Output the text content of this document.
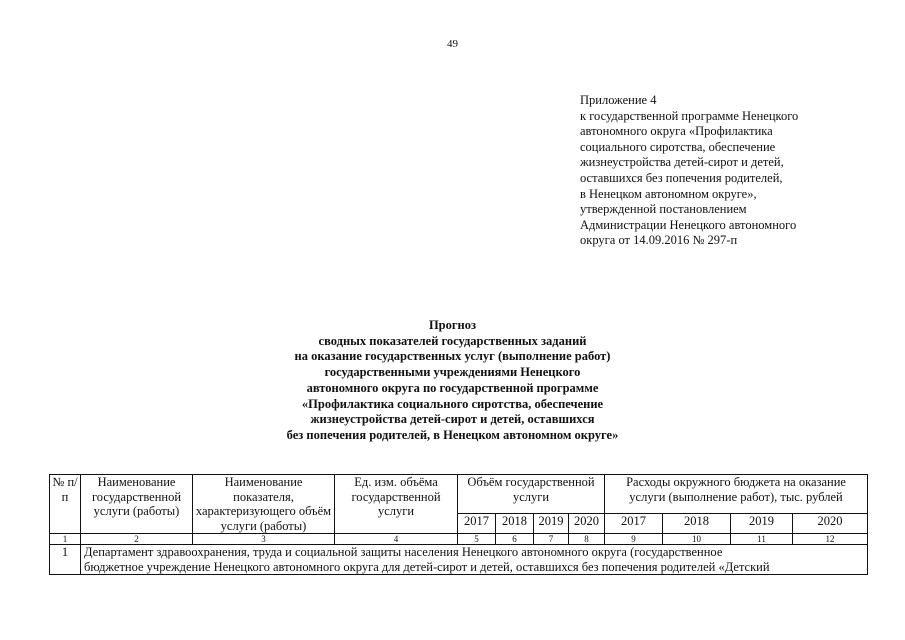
49
Приложение 4
к государственной программе Ненецкого
автономного округа «Профилактика
социального сиротства, обеспечение
жизнеустройства детей-сирот и детей,
оставшихся без попечения родителей,
в Ненецком автономном округе»,
утвержденной постановлением
Администрации Ненецкого автономного
округа от 14.09.2016 № 297-п
Прогноз
сводных показателей государственных заданий
на оказание государственных услуг (выполнение работ)
государственными учреждениями Ненецкого
автономного округа по государственной программе
«Профилактика социального сиротства, обеспечение
жизнеустройства детей-сирот и детей, оставшихся
без попечения родителей, в Ненецком автономном округе»
№ п/п	Наименование государственной услуги (работы)	Наименование показателя, характеризующего объём услуги (работы)	Ед. изм. объёма государственной услуги	Объём государственной услуги				Расходы окружного бюджета на оказание услуги (выполнение работ), тыс. рублей			
				2017	2018	2019	2020	2017	2018	2019	2020
1	2	3	4	5	6	7	8	9	10	11	12
1	Департамент здравоохранения, труда и социальной защиты населения Ненецкого автономного округа (государственное
бюджетное учреждение Ненецкого автономного округа для детей-сирот и детей, оставшихся без попечения родителей «Детский										
